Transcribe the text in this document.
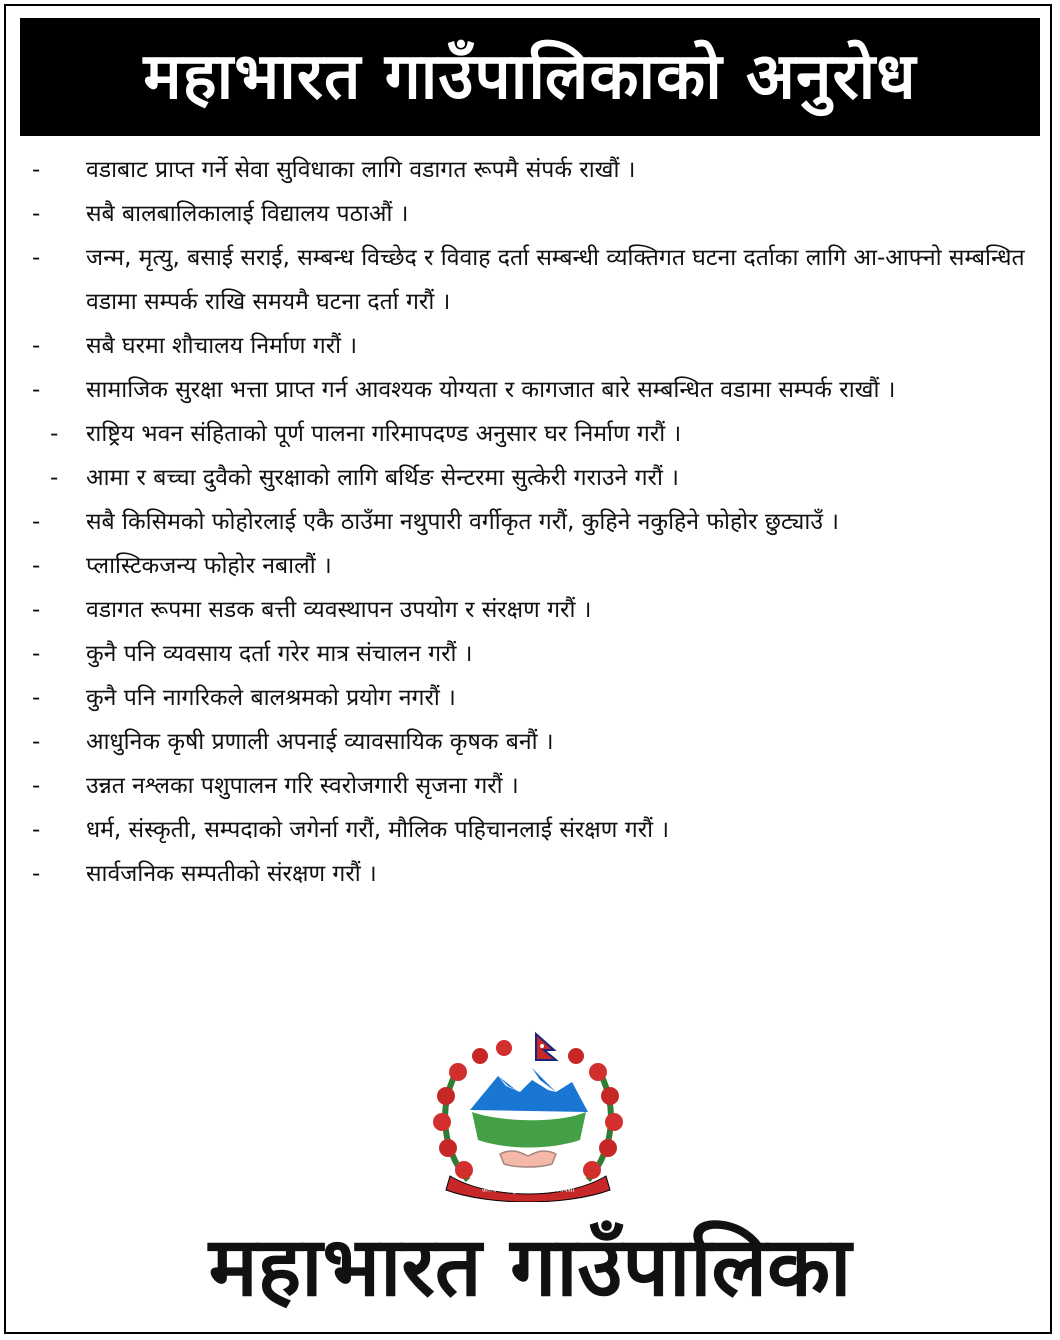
महाभारत गाउँपालिकाको अनुरोध
-	वडाबाट प्राप्त गर्ने सेवा सुविधाका लागि वडागत रूपमै संपर्क राखौं ।
-	सबै बालबालिकालाई विद्यालय पठाऔं ।
-	जन्म, मृत्यु, बसाई सराई, सम्बन्ध विच्छेद र विवाह दर्ता सम्बन्धी व्यक्तिगत घटना दर्ताका लागि आ-आफ्नो सम्बन्धित वडामा सम्पर्क राखि समयमै घटना दर्ता गरौं ।
-	सबै घरमा शौचालय निर्माण गरौं ।
-	सामाजिक सुरक्षा भत्ता प्राप्त गर्न आवश्यक योग्यता र कागजात बारे सम्बन्धित वडामा सम्पर्क राखौं ।
-	राष्ट्रिय भवन संहिताको पूर्ण पालना गरिमापदण्ड अनुसार घर निर्माण गरौं ।
-	आमा र बच्चा दुवैको सुरक्षाको लागि बर्थिङ सेन्टरमा सुत्केरी गराउने गरौं ।
-	सबै किसिमको फोहोरलाई एकै ठाउँमा नथुपारी वर्गीकृत गरौं, कुहिने नकुहिने फोहोर छुट्याउँ ।
-	प्लास्टिकजन्य फोहोर नबालौं ।
-	वडागत रूपमा सडक बत्ती व्यवस्थापन उपयोग र संरक्षण गरौं ।
-	कुनै पनि व्यवसाय दर्ता गरेर मात्र संचालन गरौं ।
-	कुनै पनि नागरिकले बालश्रमको प्रयोग नगरौं ।
-	आधुनिक कृषी प्रणाली अपनाई व्यावसायिक कृषक बनौं ।
-	उन्नत नश्लका पशुपालन गरि स्वरोजगारी सृजना गरौं ।
-	धर्म, संस्कृती, सम्पदाको जगेर्ना गरौं, मौलिक पहिचानलाई संरक्षण गरौं ।
-	सार्वजनिक सम्पतीको संरक्षण गरौं ।
जननी जन्मभूमिश्च स्वर्गादपि गरीयसी
महाभारत गाउँपालिका
